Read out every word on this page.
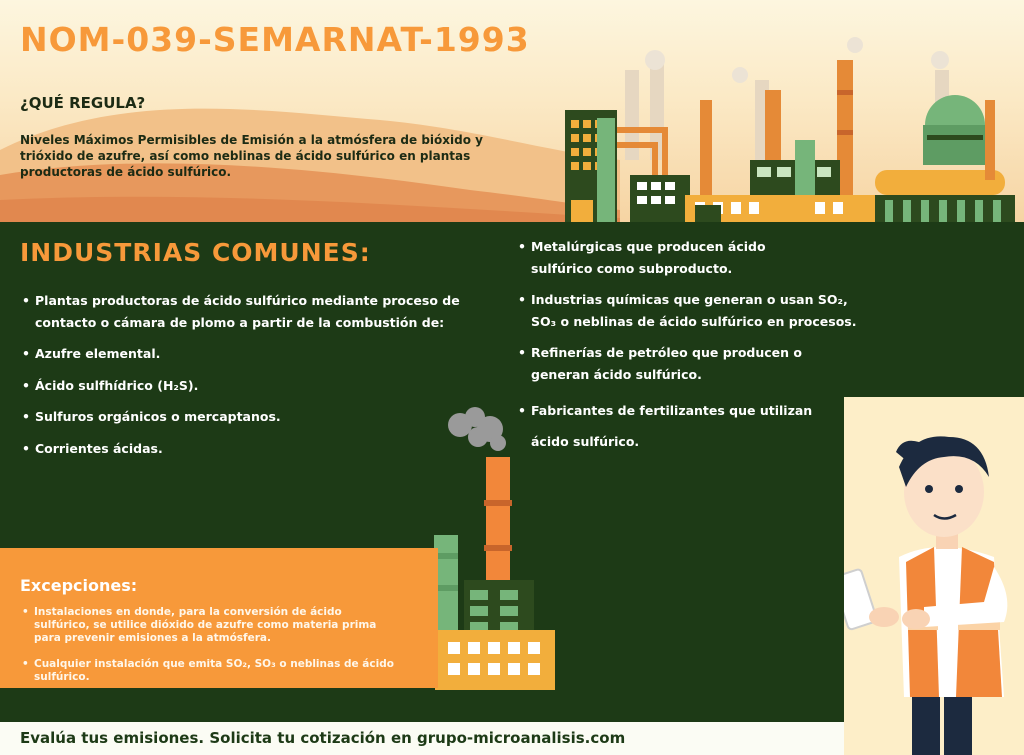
NOM-039-SEMARNAT-1993
¿QUÉ REGULA?

Niveles Máximos Permisibles de Emisión a la atmósfera de bióxido y trióxido de azufre, así como neblinas de ácido sulfúrico en plantas productoras de ácido sulfúrico.

INDUSTRIAS COMUNES:

• Plantas productoras de ácido sulfúrico mediante proceso de contacto o cámara de plomo a partir de la combustión de:

• Azufre elemental.

• Ácido sulfhídrico (H₂S).

• Sulfuros orgánicos o mercaptanos.

• Corrientes ácidas.

• Metalúrgicas que producen ácido sulfúrico como subproducto.

• Industrias químicas que generan o usan SO₂, SO₃ o neblinas de ácido sulfúrico en procesos.

• Refinerías de petróleo que producen o generan ácido sulfúrico.

• Fabricantes de fertilizantes que utilizan ácido sulfúrico.

Excepciones:

• Instalaciones en donde, para la conversión de ácido sulfúrico, se utilice dióxido de azufre como materia prima para prevenir emisiones a la atmósfera.

• Cualquier instalación que emita SO₂, SO₃ o neblinas de ácido sulfúrico.

Evalúa tus emisiones. Solicita tu cotización en grupo-microanalisis.com
